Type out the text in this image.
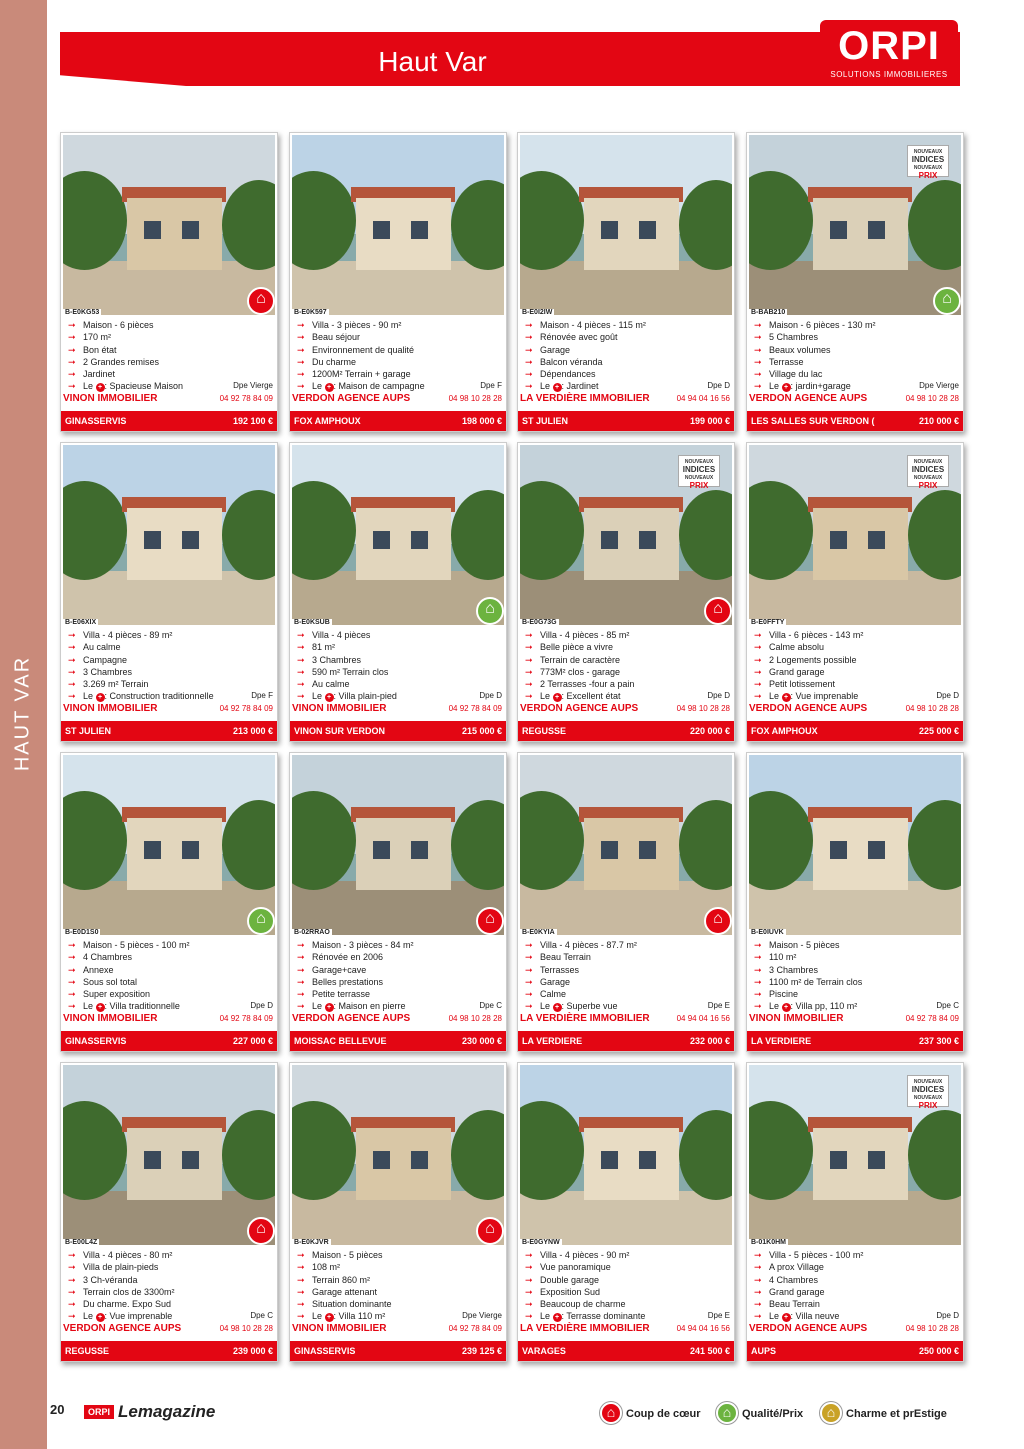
HAUT VAR
Haut Var	ORPI
SOLUTIONS IMMOBILIERES
⌂
B-E0KG53
➞ Maison - 6 pièces
➞ 170 m²
➞ Bon état
➞ 2 Grandes remises
➞ Jardinet
➞ Le + : Spacieuse Maison	Dpe Vierge
VINON IMMOBILIER	04 92 78 84 09
GINASSERVIS	192 100 €
B-E0K597
➞ Villa - 3 pièces - 90 m²
➞ Beau séjour
➞ Environnement de qualité
➞ Du charme
➞ 1200M² Terrain + garage
➞ Le + : Maison de campagne	Dpe F
VERDON AGENCE AUPS	04 98 10 28 28
FOX AMPHOUX	198 000 €
B-E0I2IW
➞ Maison - 4 pièces - 115 m²
➞ Rénovée avec goût
➞ Garage
➞ Balcon véranda
➞ Dépendances
➞ Le + : Jardinet	Dpe D
LA VERDIÈRE IMMOBILIER	04 94 04 16 56
ST JULIEN	199 000 €
NOUVEAUX
INDICES
NOUVEAUX
PRIX
⌂
B-BAB210
➞ Maison - 6 pièces - 130 m²
➞ 5 Chambres
➞ Beaux volumes
➞ Terrasse
➞ Village du lac
➞ Le + : jardin+garage	Dpe Vierge
VERDON AGENCE AUPS	04 98 10 28 28
LES SALLES SUR VERDON (	210 000 €
B-E06XIX
➞ Villa - 4 pièces - 89 m²
➞ Au calme
➞ Campagne
➞ 3 Chambres
➞ 3.269 m² Terrain
➞ Le + : Construction traditionnelle	Dpe F
VINON IMMOBILIER	04 92 78 84 09
ST JULIEN	213 000 €
⌂
B-E0KSUB
➞ Villa - 4 pièces
➞ 81 m²
➞ 3 Chambres
➞ 590 m² Terrain clos
➞ Au calme
➞ Le + : Villa plain-pied	Dpe D
VINON IMMOBILIER	04 92 78 84 09
VINON SUR VERDON	215 000 €
NOUVEAUX
INDICES
NOUVEAUX
PRIX
⌂
B-E0G73G
➞ Villa - 4 pièces - 85 m²
➞ Belle pièce a vivre
➞ Terrain de caractère
➞ 773M² clos - garage
➞ 2 Terrasses -four a pain
➞ Le + : Excellent état	Dpe D
VERDON AGENCE AUPS	04 98 10 28 28
REGUSSE	220 000 €
NOUVEAUX
INDICES
NOUVEAUX
PRIX
B-E0FFTY
➞ Villa - 6 pièces - 143 m²
➞ Calme absolu
➞ 2 Logements possible
➞ Grand garage
➞ Petit lotissement
➞ Le + : Vue imprenable	Dpe D
VERDON AGENCE AUPS	04 98 10 28 28
FOX AMPHOUX	225 000 €
⌂
B-E0D1S0
➞ Maison - 5 pièces - 100 m²
➞ 4 Chambres
➞ Annexe
➞ Sous sol total
➞ Super exposition
➞ Le + : Villa traditionnelle	Dpe D
VINON IMMOBILIER	04 92 78 84 09
GINASSERVIS	227 000 €
⌂
B-02RRAO
➞ Maison - 3 pièces - 84 m²
➞ Rénovée en 2006
➞ Garage+cave
➞ Belles prestations
➞ Petite terrasse
➞ Le + : Maison en pierre	Dpe C
VERDON AGENCE AUPS	04 98 10 28 28
MOISSAC BELLEVUE	230 000 €
⌂
B-E0KYIA
➞ Villa - 4 pièces - 87.7 m²
➞ Beau Terrain
➞ Terrasses
➞ Garage
➞ Calme
➞ Le + : Superbe vue	Dpe E
LA VERDIÈRE IMMOBILIER	04 94 04 16 56
LA VERDIERE	232 000 €
B-E0IUVK
➞ Maison - 5 pièces
➞ 110 m²
➞ 3 Chambres
➞ 1100 m² de Terrain clos
➞ Piscine
➞ Le + : Villa pp, 110 m²	Dpe C
VINON IMMOBILIER	04 92 78 84 09
LA VERDIERE	237 300 €
⌂
B-E00L4Z
➞ Villa - 4 pièces - 80 m²
➞ Villa de plain-pieds
➞ 3 Ch-véranda
➞ Terrain clos de 3300m²
➞ Du charme. Expo Sud
➞ Le + : Vue imprenable	Dpe C
VERDON AGENCE AUPS	04 98 10 28 28
REGUSSE	239 000 €
⌂
B-E0KJVR
➞ Maison - 5 pièces
➞ 108 m²
➞ Terrain 860 m²
➞ Garage attenant
➞ Situation dominante
➞ Le + : Villa 110 m²	Dpe Vierge
VINON IMMOBILIER	04 92 78 84 09
GINASSERVIS	239 125 €
B-E0GYNW
➞ Villa - 4 pièces - 90 m²
➞ Vue panoramique
➞ Double garage
➞ Exposition Sud
➞ Beaucoup de charme
➞ Le + : Terrasse dominante	Dpe E
LA VERDIÈRE IMMOBILIER	04 94 04 16 56
VARAGES	241 500 €
NOUVEAUX
INDICES
NOUVEAUX
PRIX
B-01K0HM
➞ Villa - 5 pièces - 100 m²
➞ A prox Village
➞ 4 Chambres
➞ Grand garage
➞ Beau Terrain
➞ Le + : Villa neuve	Dpe D
VERDON AGENCE AUPS	04 98 10 28 28
AUPS	250 000 €
20	ORPI Lemagazine ⌂	Coup de cœur ⌂	Qualité/Prix ⌂	Charme et prEstige
